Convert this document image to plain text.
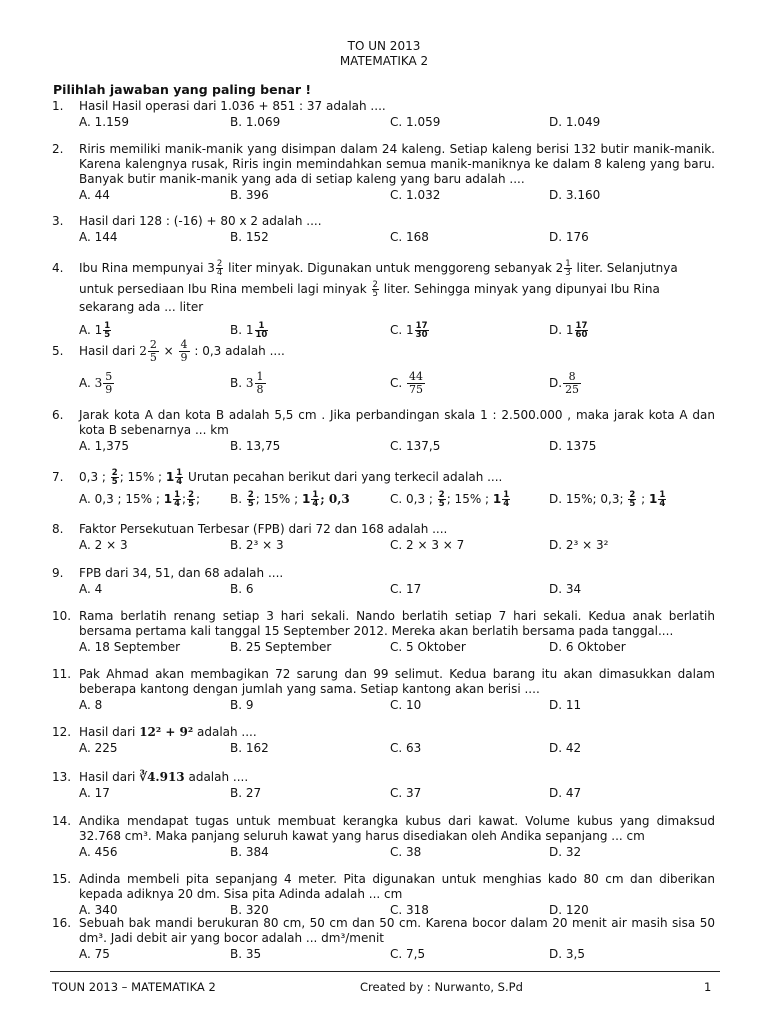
TO UN 2013
MATEMATIKA 2
Pilihlah jawaban yang paling benar !
1. Hasil Hasil operasi dari 1.036 + 851 : 37 adalah ....
A. 1.159	B. 1.069	C. 1.059	D. 1.049
2. Riris memiliki manik-manik yang disimpan dalam 24 kaleng. Setiap kaleng berisi 132 butir manik-manik. Karena kalengnya rusak, Riris ingin memindahkan semua manik-maniknya ke dalam 8 kaleng yang baru. Banyak butir manik-manik yang ada di setiap kaleng yang baru adalah ....
A. 44	B. 396	C. 1.032	D. 3.160
3. Hasil dari 128 : (-16) + 80 x 2 adalah ....
A. 144	B. 152	C. 168	D. 176
4. Ibu Rina mempunyai $3 \frac{2}{4}$ liter minyak. Digunakan untuk menggoreng sebanyak $2 \frac{1}{3}$ liter. Selanjutnya
untuk persediaan Ibu Rina membeli lagi minyak $\frac{2}{5}$ liter. Sehingga minyak yang dipunyai Ibu Rina
sekarang ada ... liter
A. $1 \frac{1}{5}$	B. $1 \frac{1}{10}$	C. $1 \frac{17}{30}$	D. $1 \frac{17}{60}$
5. Hasil dari $2 \frac{2}{5} \times \frac{4}{9}$ : 0,3 adalah ....
A. $3 \frac{5}{9}$	B. $3 \frac{1}{8}$	C. $\frac{44}{75}$	D. $\frac{8}{25}$
6. Jarak kota A dan kota B adalah 5,5 cm . Jika perbandingan skala 1 : 2.500.000 , maka jarak kota A dan kota B sebenarnya ... km
A. 1,375	B. 13,75	C. 137,5	D. 1375
7. 0,3 ; $\frac{2}{5}$ ; 15% ; $1 \frac{1}{4}$ Urutan pecahan berikut dari yang terkecil adalah ....
A. 0,3 ; 15% ; $1 \frac{1}{4}$ ; $\frac{2}{5}$ ; B. $\frac{2}{5}$ ; 15% ; $1 \frac{1}{4}$ ; 0,3	C. 0,3 ; $\frac{2}{5}$ ; 15% ; $1 \frac{1}{4}$	D. 15%; 0,3; $\frac{2}{5}$ ; $1 \frac{1}{4}$
8. Faktor Persekutuan Terbesar (FPB) dari 72 dan 168 adalah ....
A. 2 × 3	B. 2³ × 3	C. 2 × 3 × 7	D. 2³ × 3²
9. FPB dari 34, 51, dan 68 adalah ....
A. 4	B. 6	C. 17	D. 34
10. Rama berlatih renang setiap 3 hari sekali. Nando berlatih setiap 7 hari sekali. Kedua anak berlatih bersama pertama kali tanggal 15 September 2012. Mereka akan berlatih bersama pada tanggal....
A. 18 September	B. 25 September	C. 5 Oktober	D. 6 Oktober
11. Pak Ahmad akan membagikan 72 sarung dan 99 selimut. Kedua barang itu akan dimasukkan dalam beberapa kantong dengan jumlah yang sama. Setiap kantong akan berisi ....
A. 8	B. 9	C. 10	D. 11
12. Hasil dari 12² + 9² adalah ....
A. 225	B. 162	C. 63	D. 42
13. Hasil dari ∛4.913 adalah ....
A. 17	B. 27	C. 37	D. 47
14. Andika mendapat tugas untuk membuat kerangka kubus dari kawat. Volume kubus yang dimaksud 32.768 cm³. Maka panjang seluruh kawat yang harus disediakan oleh Andika sepanjang ... cm
A. 456	B. 384	C. 38	D. 32
15. Adinda membeli pita sepanjang 4 meter. Pita digunakan untuk menghias kado 80 cm dan diberikan kepada adiknya 20 dm. Sisa pita Adinda adalah ... cm
A. 340	B. 320	C. 318	D. 120
16. Sebuah bak mandi berukuran 80 cm, 50 cm dan 50 cm. Karena bocor dalam 20 menit air masih sisa 50 dm³. Jadi debit air yang bocor adalah ... dm³/menit
A. 75	B. 35	C. 7,5	D. 3,5
TOUN 2013 – MATEMATIKA 2	Created by : Nurwanto, S.Pd	1
